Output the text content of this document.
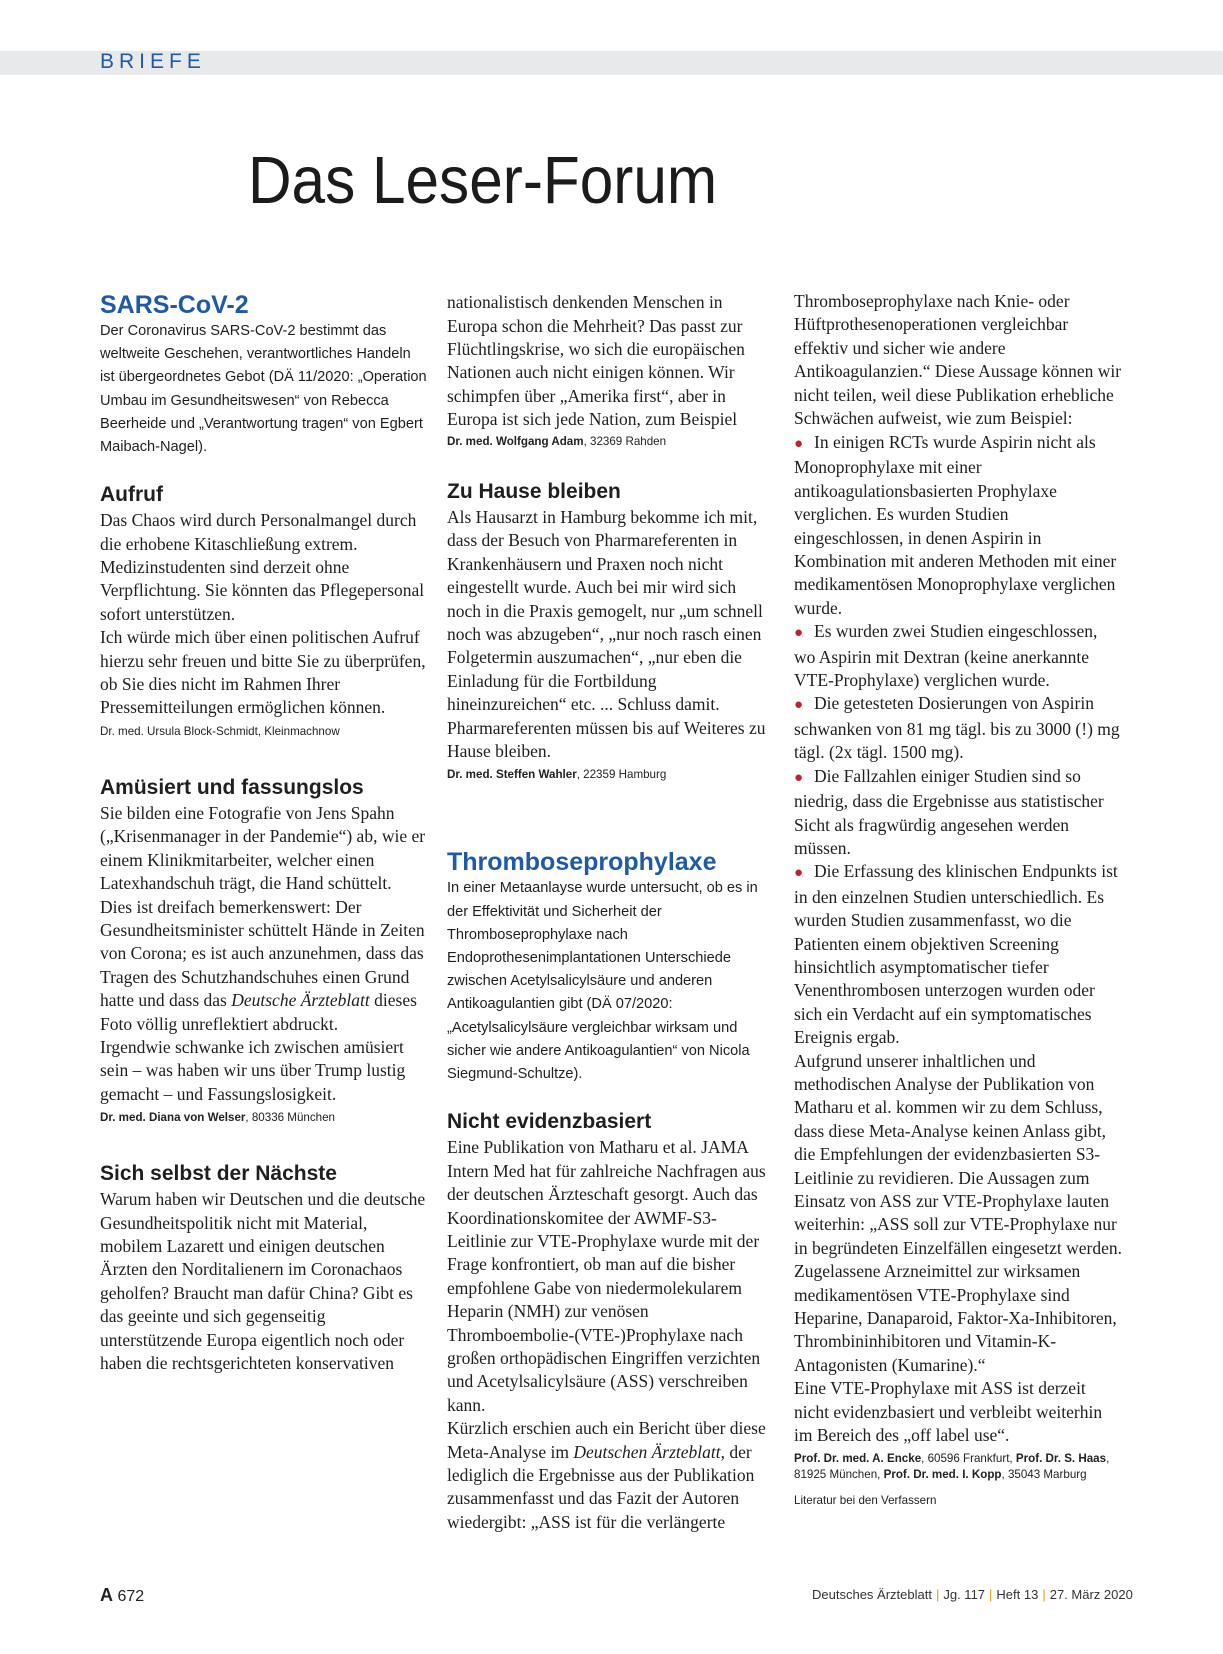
BRIEFE
Das Leser-Forum
SARS-CoV-2

Der Coronavirus SARS-CoV-2 bestimmt das weltweite Geschehen, verantwortliches Handeln ist übergeordnetes Gebot (DÄ 11/2020: „Operation Umbau im Gesundheitswesen“ von Rebecca Beerheide und „Verantwortung tragen“ von Egbert Maibach-Nagel).

Aufruf

Das Chaos wird durch Personalmangel durch die erhobene Kitaschließung extrem.

Medizinstudenten sind derzeit ohne Verpflichtung. Sie könnten das Pflegepersonal sofort unterstützen.

Ich würde mich über einen politischen Aufruf hierzu sehr freuen und bitte Sie zu überprüfen, ob Sie dies nicht im Rahmen Ihrer Pressemitteilungen ermöglichen können.

Dr. med. Ursula Block-Schmidt, Kleinmachnow

Amüsiert und fassungslos

Sie bilden eine Fotografie von Jens Spahn („Krisenmanager in der Pandemie“) ab, wie er einem Klinikmitarbeiter, welcher einen Latexhandschuh trägt, die Hand schüttelt. Dies ist dreifach bemerkenswert: Der Gesundheitsminister schüttelt Hände in Zeiten von Corona; es ist auch anzunehmen, dass das Tragen des Schutzhandschuhes einen Grund hatte und dass das Deutsche Ärzteblatt dieses Foto völlig unreflektiert abdruckt.

Irgendwie schwanke ich zwischen amüsiert sein – was haben wir uns über Trump lustig gemacht – und Fassungslosigkeit.

Dr. med. Diana von Welser, 80336 München

Sich selbst der Nächste

Warum haben wir Deutschen und die deutsche Gesundheitspolitik nicht mit Material, mobilem Lazarett und einigen deutschen Ärzten den Norditalienern im Coronachaos geholfen? Braucht man dafür China? Gibt es das geeinte und sich gegenseitig unterstützende Europa eigentlich noch oder haben die rechtsgerichteten konservativen

nationalistisch denkenden Menschen in Europa schon die Mehrheit? Das passt zur Flüchtlingskrise, wo sich die europäischen Nationen auch nicht einigen können. Wir schimpfen über „Amerika first“, aber in Europa ist sich jede Nation, zum Beispiel

Dr. med. Wolfgang Adam, 32369 Rahden

Zu Hause bleiben

Als Hausarzt in Hamburg bekomme ich mit, dass der Besuch von Pharmareferenten in Krankenhäusern und Praxen noch nicht eingestellt wurde. Auch bei mir wird sich noch in die Praxis gemogelt, nur „um schnell noch was abzugeben“, „nur noch rasch einen Folgetermin auszumachen“, „nur eben die Einladung für die Fortbildung hineinzureichen“ etc. ... Schluss damit. Pharmareferenten müssen bis auf Weiteres zu Hause bleiben.

Dr. med. Steffen Wahler, 22359 Hamburg

Thromboseprophylaxe

In einer Metaanlayse wurde untersucht, ob es in der Effektivität und Sicherheit der Thromboseprophylaxe nach Endoprothesenimplantationen Unterschiede zwischen Acetylsalicylsäure und anderen Antikoagulantien gibt (DÄ 07/2020: „Acetylsalicylsäure vergleichbar wirksam und sicher wie andere Antikoagulantien“ von Nicola Siegmund-Schultze).

Nicht evidenzbasiert

Eine Publikation von Matharu et al. JAMA Intern Med hat für zahlreiche Nachfragen aus der deutschen Ärzteschaft gesorgt. Auch das Koordinationskomitee der AWMF-S3-Leitlinie zur VTE-Prophylaxe wurde mit der Frage konfrontiert, ob man auf die bisher empfohlene Gabe von niedermolekularem Heparin (NMH) zur venösen Thromboembolie-(VTE-)Prophylaxe nach großen orthopädischen Eingriffen verzichten und Acetylsalicylsäure (ASS) verschreiben kann.

Kürzlich erschien auch ein Bericht über diese Meta-Analyse im Deutschen Ärzteblatt, der lediglich die Ergebnisse aus der Publikation zusammenfasst und das Fazit der Autoren wiedergibt: „ASS ist für die verlängerte

Thromboseprophylaxe nach Knie- oder Hüftprothesenoperationen vergleichbar effektiv und sicher wie andere Antikoagulanzien.“ Diese Aussage können wir nicht teilen, weil diese Publikation erhebliche Schwächen aufweist, wie zum Beispiel:

● In einigen RCTs wurde Aspirin nicht als Monoprophylaxe mit einer antikoagulationsbasierten Prophylaxe verglichen. Es wurden Studien eingeschlossen, in denen Aspirin in Kombination mit anderen Methoden mit einer medikamentösen Monoprophylaxe verglichen wurde.

● Es wurden zwei Studien eingeschlossen, wo Aspirin mit Dextran (keine anerkannte VTE-Prophylaxe) verglichen wurde.

● Die getesteten Dosierungen von Aspirin schwanken von 81 mg tägl. bis zu 3000 (!) mg tägl. (2x tägl. 1500 mg).

● Die Fallzahlen einiger Studien sind so niedrig, dass die Ergebnisse aus statistischer Sicht als fragwürdig angesehen werden müssen.

● Die Erfassung des klinischen Endpunkts ist in den einzelnen Studien unterschiedlich. Es wurden Studien zusammenfasst, wo die Patienten einem objektiven Screening hinsichtlich asymptomatischer tiefer Venenthrombosen unterzogen wurden oder sich ein Verdacht auf ein symptomatisches Ereignis ergab.

Aufgrund unserer inhaltlichen und methodischen Analyse der Publikation von Matharu et al. kommen wir zu dem Schluss, dass diese Meta-Analyse keinen Anlass gibt, die Empfehlungen der evidenzbasierten S3-Leitlinie zu revidieren. Die Aussagen zum Einsatz von ASS zur VTE-Prophylaxe lauten weiterhin: „ASS soll zur VTE-Prophylaxe nur in begründeten Einzelfällen eingesetzt werden. Zugelassene Arzneimittel zur wirksamen medikamentösen VTE-Prophylaxe sind Heparine, Danaparoid, Faktor-Xa-Inhibitoren, Thrombininhibitoren und Vitamin-K-Antagonisten (Kumarine).“

Eine VTE-Prophylaxe mit ASS ist derzeit nicht evidenzbasiert und verbleibt weiterhin im Bereich des „off label use“.

Prof. Dr. med. A. Encke, 60596 Frankfurt, Prof. Dr. S. Haas, 81925 München, Prof. Dr. med. I. Kopp, 35043 Marburg

Literatur bei den Verfassern

A 672	Deutsches Ärzteblatt | Jg. 117 | Heft 13 | 27. März 2020
